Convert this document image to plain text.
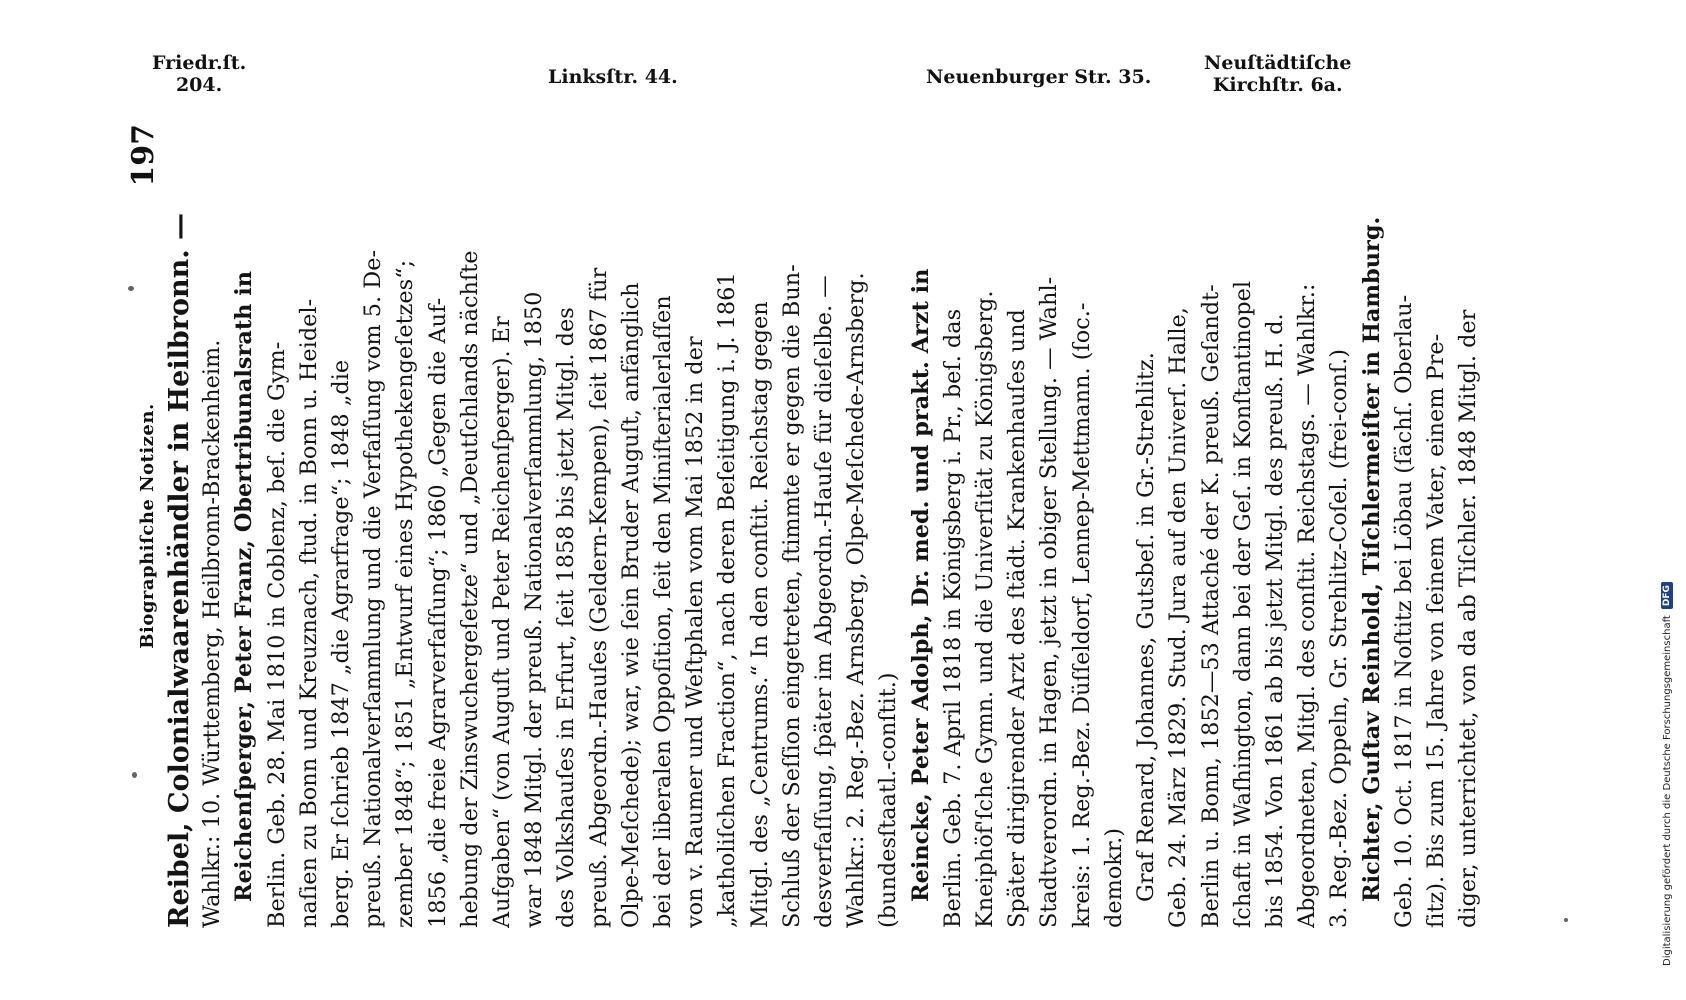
Friedr.ſt.
204.	Linksſtr. 44.	Neuenburger Str. 35.
Neuſtädtiſche
Kirchſtr. 6a.
Biographiſche Notizen.
197
Reibel, Colonialwaarenhändler in Heilbronn. — Wahlkr.: 10. Württemberg, Heilbronn-Brackenheim. Reichenſperger, Peter Franz, Obertribunalsrath in Berlin. Geb. 28. Mai 1810 in Coblenz, beſ. die Gym- naſien zu Bonn und Kreuznach, ſtud. in Bonn u. Heidel- berg. Er ſchrieb 1847 „die Agrarfrage“; 1848 „die preuß. Nationalverſammlung und die Verfaſſung vom 5. De- zember 1848“; 1851 „Entwurf eines Hypothekengeſetzes“; 1856 „die freie Agrarverfaſſung“; 1860 „Gegen die Auf- hebung der Zinswuchergeſetze“ und „Deutſchlands nächſte Aufgaben“ (von Auguſt und Peter Reichenſperger). Er war 1848 Mitgl. der preuß. Nationalverſammlung, 1850 des Volkshauſes in Erfurt, ſeit 1858 bis jetzt Mitgl. des preuß. Abgeordn.-Hauſes (Geldern-Kempen), ſeit 1867 für Olpe-Meſchede); war, wie ſein Bruder Auguſt, anfänglich bei der liberalen Oppoſition, ſeit den Miniſterialerlaſſen von v. Raumer und Weſtphalen vom Mai 1852 in der „katholiſchen Fraction“, nach deren Beſeitigung i. J. 1861 Mitgl. des „Centrums.“ In den conſtit. Reichstag gegen Schluß der Seſſion eingetreten, ſtimmte er gegen die Bun- desverfaſſung, ſpäter im Abgeordn.-Hauſe für dieſelbe. — Wahlkr.: 2. Reg.-Bez. Arnsberg, Olpe-Meſchede-Arnsberg. (bundesſtaatl.-conſtit.) Reincke, Peter Adolph, Dr. med. und prakt. Arzt in Berlin. Geb. 7. April 1818 in Königsberg i. Pr., beſ. das Kneiphöf'ſche Gymn. und die Univerſität zu Königsberg. Später dirigirender Arzt des ſtädt. Krankenhauſes und Stadtverordn. in Hagen, jetzt in obiger Stellung. — Wahl- kreis: 1. Reg.-Bez. Düſſeldorf, Lennep-Mettmann. (ſoc.- demokr.) Graf Renard, Johannes, Gutsbeſ. in Gr.-Strehlitz. Geb. 24. März 1829. Stud. Jura auf den Univerſ. Halle, Berlin u. Bonn, 1852—53 Attaché der K. preuß. Geſandt- ſchaft in Waſhington, dann bei der Geſ. in Konſtantinopel bis 1854. Von 1861 ab bis jetzt Mitgl. des preuß. H. d. Abgeordneten, Mitgl. des conſtit. Reichstags. — Wahlkr.: 3. Reg.-Bez. Oppeln, Gr. Strehlitz-Coſel. (frei-conſ.) Richter, Guſtav Reinhold, Tiſchlermeiſter in Hamburg. Geb. 10. Oct. 1817 in Noſtitz bei Löbau (ſächſ. Oberlau- ſitz). Bis zum 15. Jahre von ſeinem Vater, einem Pre- diger, unterrichtet, von da ab Tiſchler. 1848 Mitgl. der	Digitalisierung gefördert durch die Deutsche Forschungsgemeinschaft
DFG
